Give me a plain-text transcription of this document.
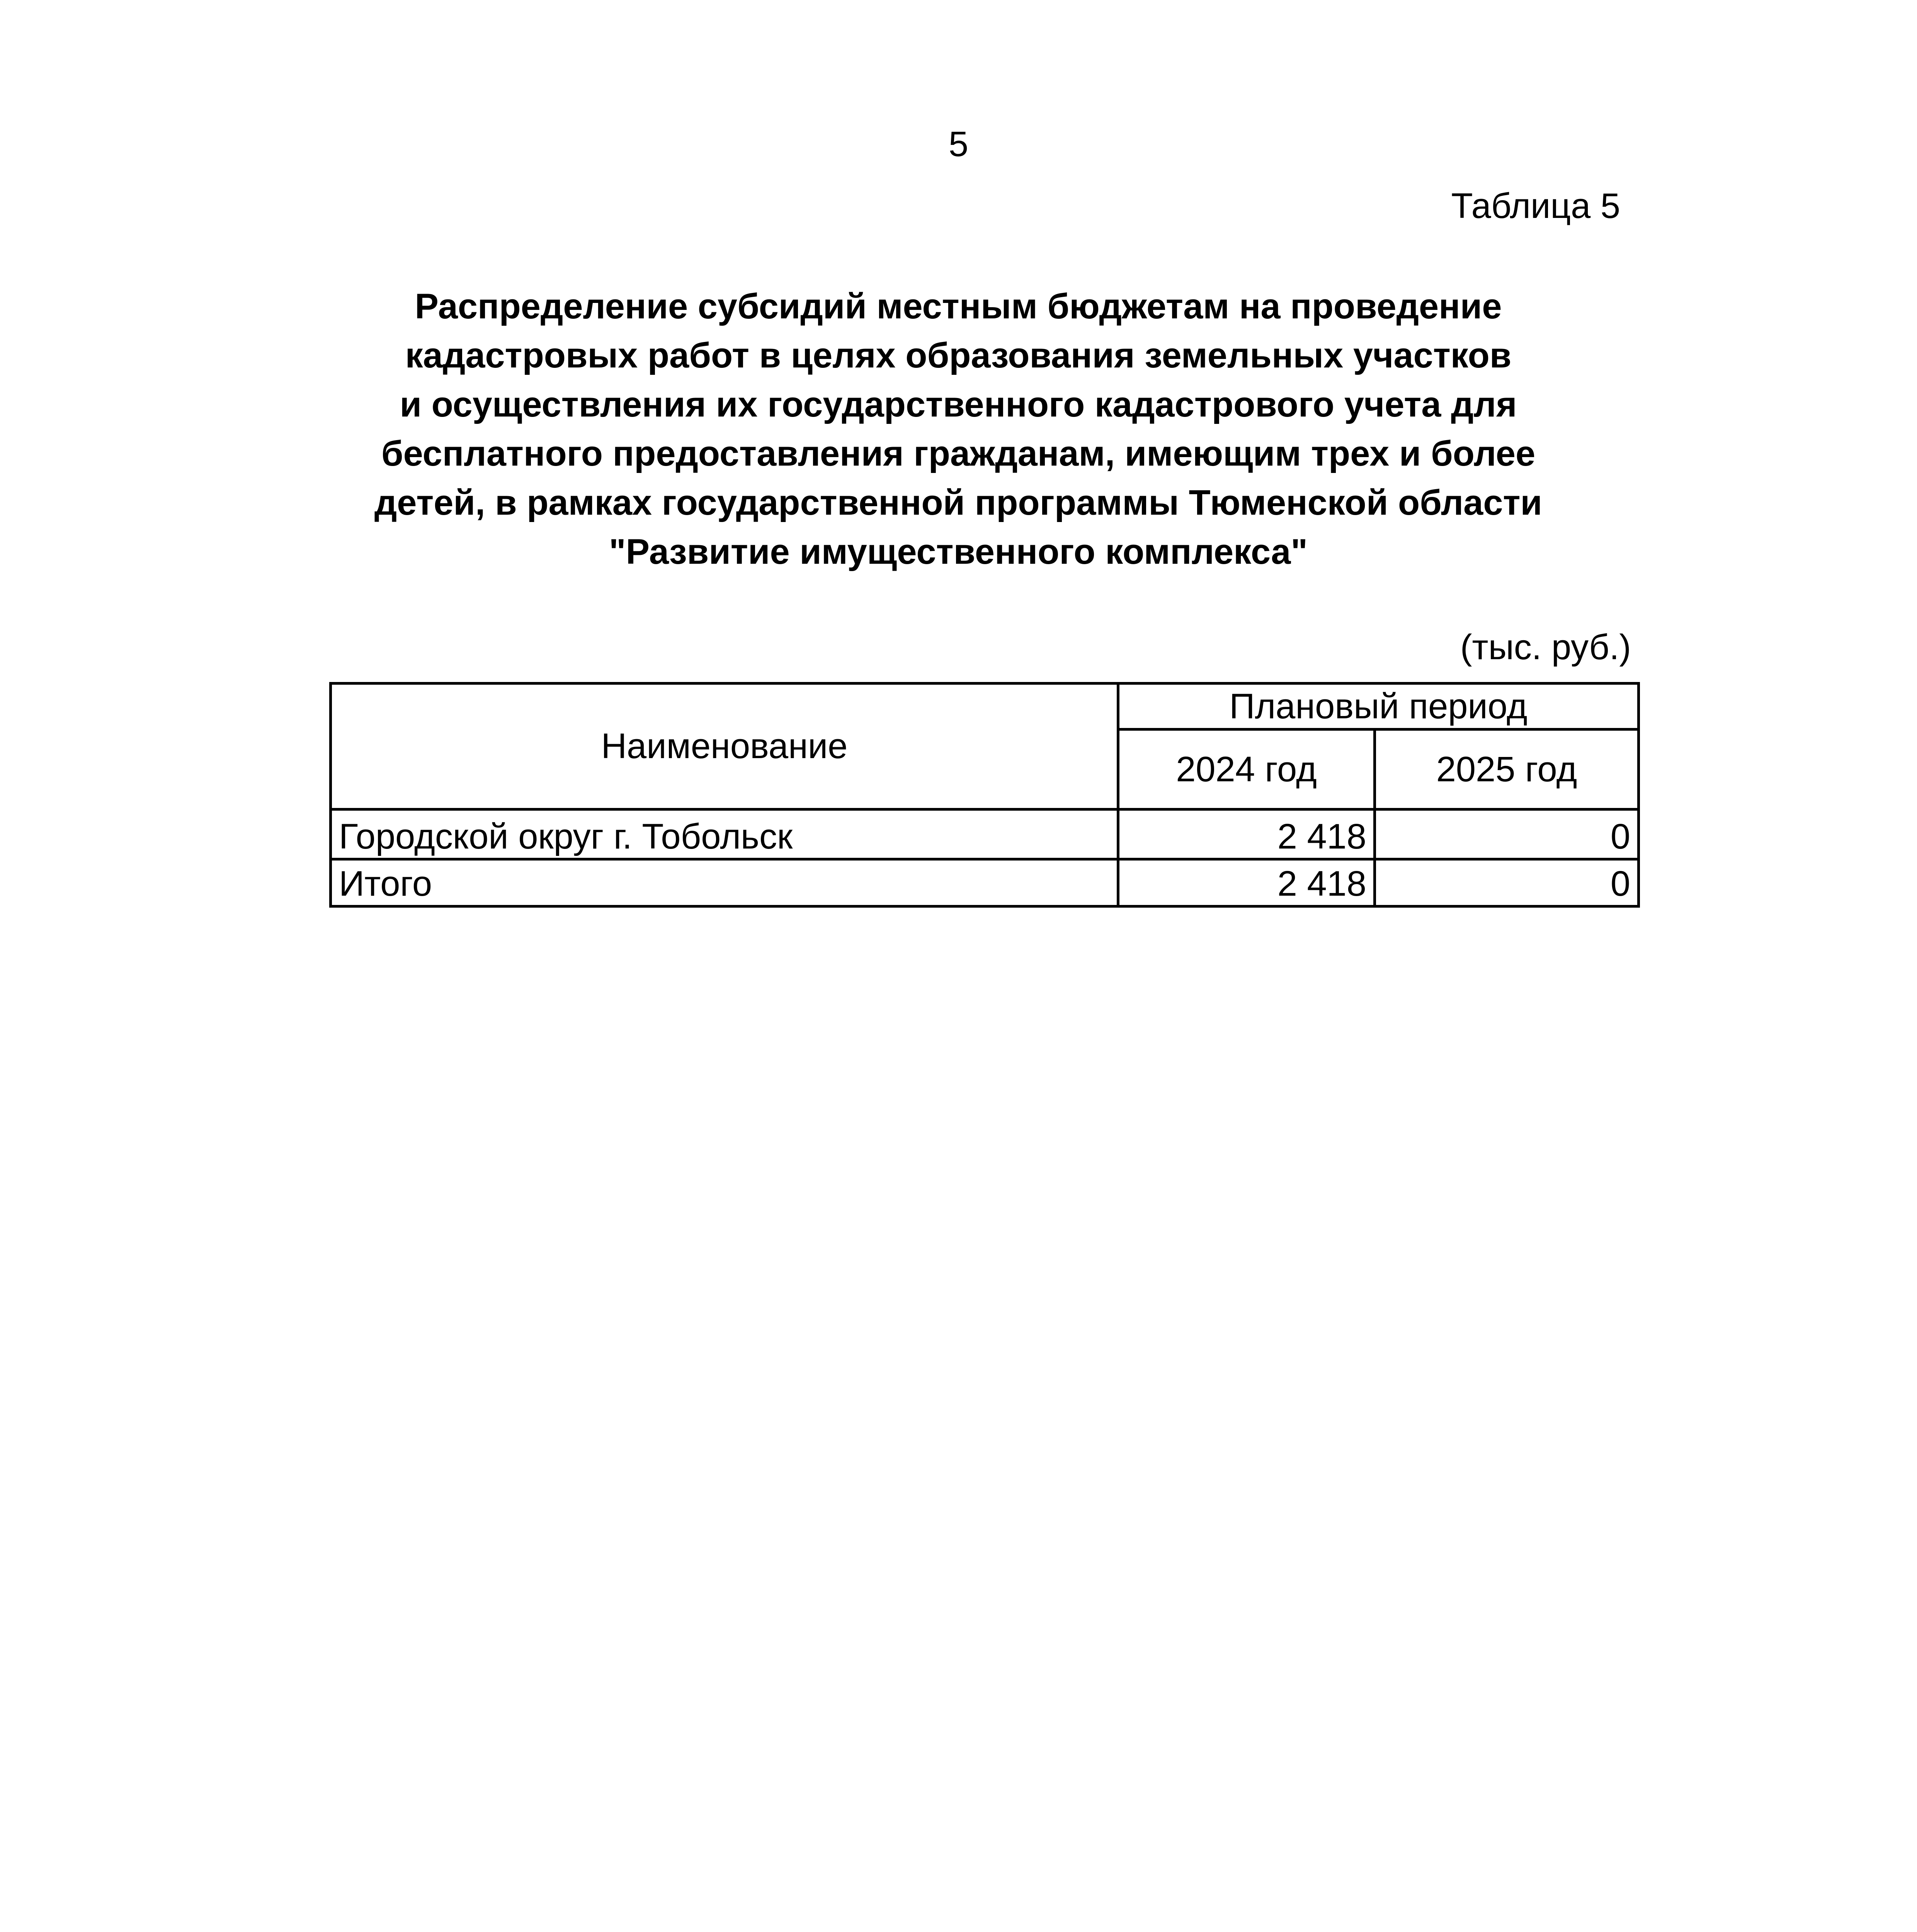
5
Таблица 5
Распределение субсидий местным бюджетам на проведение
кадастровых работ в целях образования земельных участков
и осуществления их государственного кадастрового учета для
бесплатного предоставления гражданам, имеющим трех и более
детей, в рамках государственной программы Тюменской области
"Развитие имущественного комплекса"
(тыс. руб.)
Наименование	Плановый период	
	2024 год	2025 год
Городской округ г. Тобольск	2 418	0
Итого	2 418	0
